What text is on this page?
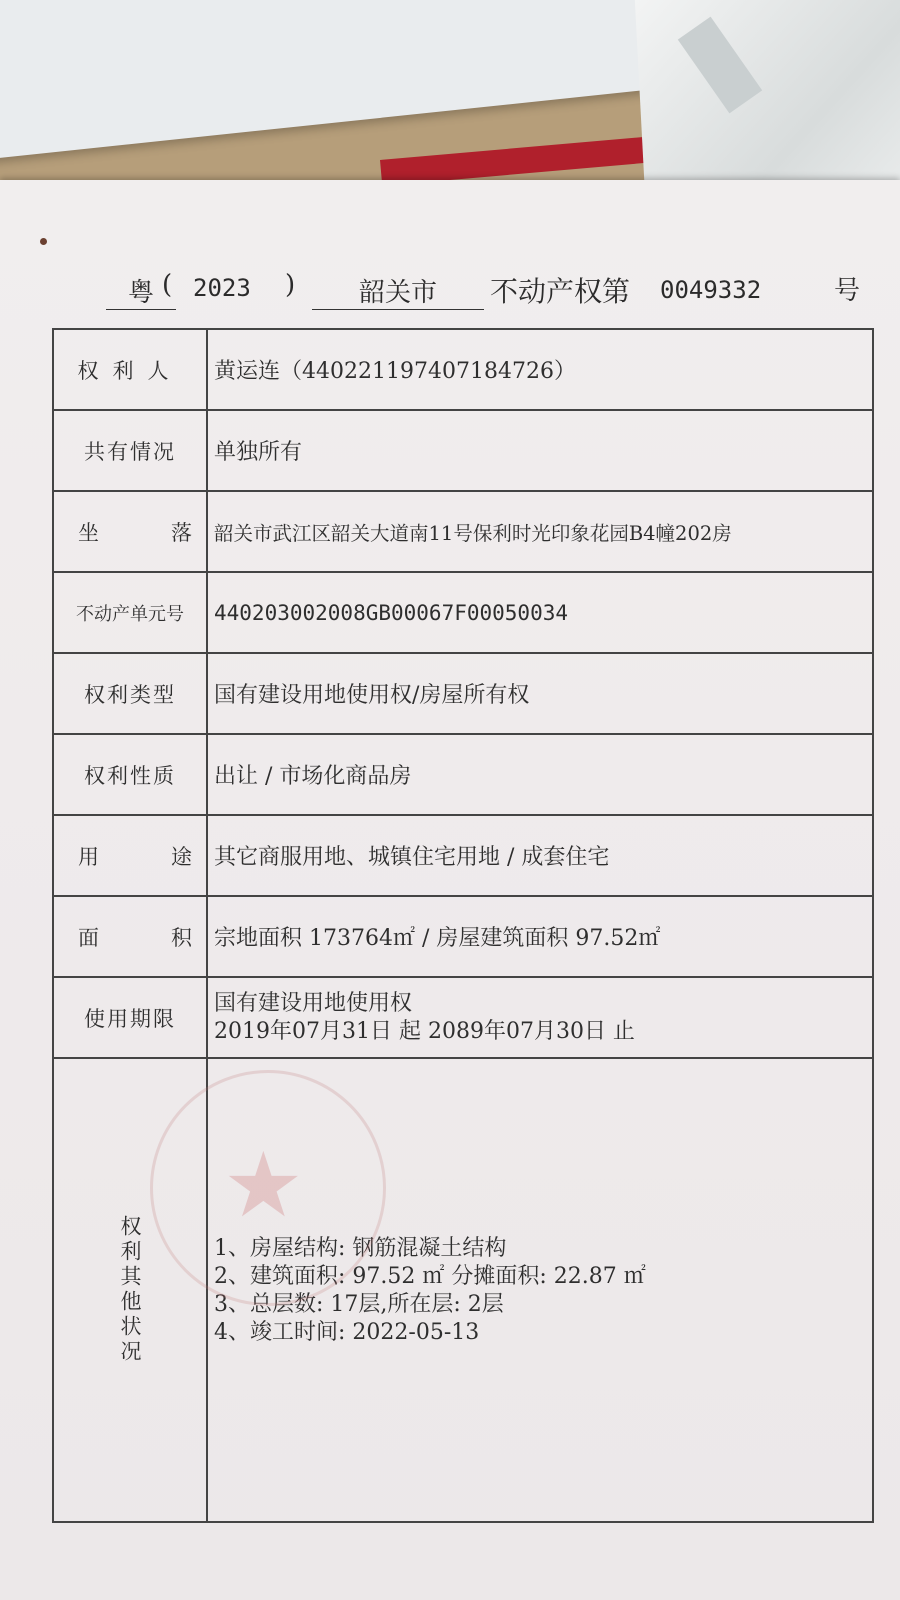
粤 ( 2023 )	韶关市	不动产权第 0049332	号
权利人	黄运连（440221197407184726）
共有情况	单独所有
坐落	韶关市武江区韶关大道南11号保利时光印象花园B4幢202房
不动产单元号	440203002008GB00067F00050034
权利类型	国有建设用地使用权/房屋所有权
权利性质	出让 / 市场化商品房
用途	其它商服用地、城镇住宅用地 / 成套住宅
面积	宗地面积 173764㎡ / 房屋建筑面积 97.52㎡
使用期限	国有建设用地使用权
2019年07月31日 起 2089年07月30日 止

权利其他状况	1、房屋结构: 钢筋混凝土结构
2、建筑面积: 97.52 ㎡ 分摊面积: 22.87 ㎡
3、总层数: 17层,所在层: 2层
4、竣工时间: 2022-05-13
★
